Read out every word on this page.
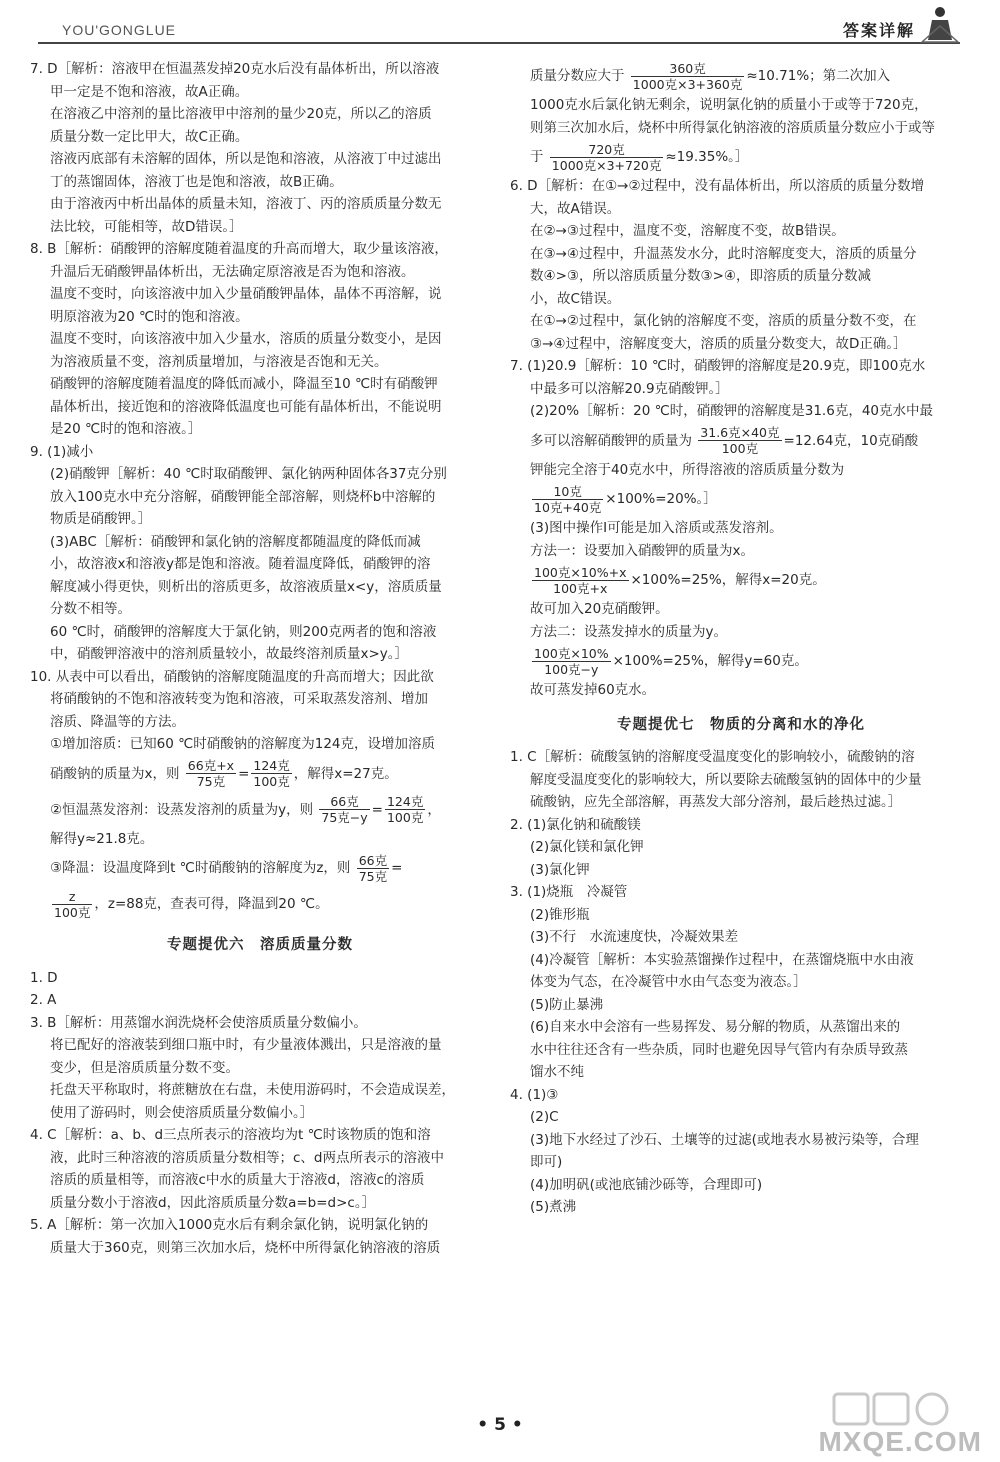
YOU'GONGLUE	答案详解

7. D［解析：溶液甲在恒温蒸发掉20克水后没有晶体析出，所以溶液

甲一定是不饱和溶液，故A正确。

在溶液乙中溶剂的量比溶液甲中溶剂的量少20克，所以乙的溶质

质量分数一定比甲大，故C正确。

溶液丙底部有未溶解的固体，所以是饱和溶液，从溶液丁中过滤出

丁的蒸馏固体，溶液丁也是饱和溶液，故B正确。

由于溶液丙中析出晶体的质量未知，溶液丁、丙的溶质质量分数无

法比较，可能相等，故D错误。］

8. B［解析：硝酸钾的溶解度随着温度的升高而增大，取少量该溶液，

升温后无硝酸钾晶体析出，无法确定原溶液是否为饱和溶液。

温度不变时，向该溶液中加入少量硝酸钾晶体，晶体不再溶解，说

明原溶液为20 ℃时的饱和溶液。

温度不变时，向该溶液中加入少量水，溶质的质量分数变小，是因

为溶液质量不变，溶剂质量增加，与溶液是否饱和无关。

硝酸钾的溶解度随着温度的降低而减小，降温至10 ℃时有硝酸钾

晶体析出，接近饱和的溶液降低温度也可能有晶体析出，不能说明

是20 ℃时的饱和溶液。］

9. (1)减小

(2)硝酸钾［解析：40 ℃时取硝酸钾、氯化钠两种固体各37克分别

放入100克水中充分溶解，硝酸钾能全部溶解，则烧杯b中溶解的

物质是硝酸钾。］

(3)ABC［解析：硝酸钾和氯化钠的溶解度都随温度的降低而减

小，故溶液x和溶液y都是饱和溶液。随着温度降低，硝酸钾的溶

解度减小得更快，则析出的溶质更多，故溶液质量x<y，溶质质量

分数不相等。

60 ℃时，硝酸钾的溶解度大于氯化钠，则200克两者的饱和溶液

中，硝酸钾溶液中的溶剂质量较小，故最终溶剂质量x>y。］

10. 从表中可以看出，硝酸钠的溶解度随温度的升高而增大；因此欲

将硝酸钠的不饱和溶液转变为饱和溶液，可采取蒸发溶剂、增加

溶质、降温等的方法。

①增加溶质：已知60 ℃时硝酸钠的溶解度为124克，设增加溶质

硝酸钠的质量为x，则 $\frac{\text{66克+x}}{\text{75克}} = \frac{\text{124克}}{\text{100克}}$ ，解得x=27克。

②恒温蒸发溶剂：设蒸发溶剂的质量为y，则 $\frac{\text{66克}}{\text{75克−y}} = \frac{\text{124克}}{\text{100克}}$ ，

解得y≈21.8克。

③降温：设温度降到t ℃时硝酸钠的溶解度为z，则 $\frac{\text{66克}}{\text{75克}}$ =

$\frac{z}{\text{100克}}$ ，z=88克，查表可得，降温到20 ℃。

专题提优六　溶质质量分数

1. D

2. A

3. B［解析：用蒸馏水润洗烧杯会使溶质质量分数偏小。

将已配好的溶液装到细口瓶中时，有少量液体溅出，只是溶液的量

变少，但是溶质质量分数不变。

托盘天平称取时，将蔗糖放在右盘，未使用游码时，不会造成误差，

使用了游码时，则会使溶质质量分数偏小。］

4. C［解析：a、b、d三点所表示的溶液均为t ℃时该物质的饱和溶

液，此时三种溶液的溶质质量分数相等；c、d两点所表示的溶液中

溶质的质量相等，而溶液c中水的质量大于溶液d，溶液c的溶质

质量分数小于溶液d，因此溶质质量分数a=b=d>c。］

5. A［解析：第一次加入1000克水后有剩余氯化钠，说明氯化钠的

质量大于360克，则第三次加水后，烧杯中所得氯化钠溶液的溶质

质量分数应大于 $\frac{\text{360克}}{\text{1000克×3+360克}} \approx 10.71\%$；第二次加入

1000克水后氯化钠无剩余，说明氯化钠的质量小于或等于720克，

则第三次加水后，烧杯中所得氯化钠溶液的溶质质量分数应小于或等

于 $\frac{\text{720克}}{\text{1000克×3+720克}} \approx 19.35\%$。］

6. D［解析：在①→②过程中，没有晶体析出，所以溶质的质量分数增

大，故A错误。

在②→③过程中，温度不变，溶解度不变，故B错误。

在③→④过程中，升温蒸发水分，此时溶解度变大，溶质的质量分

数④>③，所以溶质质量分数③>④，即溶质的质量分数减

小，故C错误。

在①→②过程中，氯化钠的溶解度不变，溶质的质量分数不变，在

③→④过程中，溶解度变大，溶质的质量分数变大，故D正确。］

7. (1)20.9［解析：10 ℃时，硝酸钾的溶解度是20.9克，即100克水

中最多可以溶解20.9克硝酸钾。］

(2)20%［解析：20 ℃时，硝酸钾的溶解度是31.6克，40克水中最

多可以溶解硝酸钾的质量为 $\frac{\text{31.6克×40克}}{\text{100克}} =12.64$克，10克硝酸

钾能完全溶于40克水中，所得溶液的溶质质量分数为

$\frac{\text{10克}}{\text{10克+40克}} \times 100\%=20\%$。］

(3)图中操作Ⅰ可能是加入溶质或蒸发溶剂。

方法一：设要加入硝酸钾的质量为x。

$\frac{\text{100克×10\%+x}}{\text{100克+x}} \times 100\%=25\%$，解得x=20克。

故可加入20克硝酸钾。

方法二：设蒸发掉水的质量为y。

$\frac{\text{100克×10\%}}{\text{100克−y}} \times 100\%=25\%$，解得y=60克。

故可蒸发掉60克水。

专题提优七　物质的分离和水的净化

1. C［解析：硫酸氢钠的溶解度受温度变化的影响较小，硫酸钠的溶

解度受温度变化的影响较大，所以要除去硫酸氢钠的固体中的少量

硫酸钠，应先全部溶解，再蒸发大部分溶剂，最后趁热过滤。］

2. (1)氯化钠和硫酸镁

(2)氯化镁和氯化钾

(3)氯化钾

3. (1)烧瓶　冷凝管

(2)锥形瓶

(3)不行　水流速度快，冷凝效果差

(4)冷凝管［解析：本实验蒸馏操作过程中，在蒸馏烧瓶中水由液

体变为气态，在冷凝管中水由气态变为液态。］

(5)防止暴沸

(6)自来水中会溶有一些易挥发、易分解的物质，从蒸馏出来的

水中往往还含有一些杂质，同时也避免因导气管内有杂质导致蒸

馏水不纯

4. (1)③

(2)C

(3)地下水经过了沙石、土壤等的过滤(或地表水易被污染等，合理

即可)

(4)加明矾(或池底铺沙砾等，合理即可)

(5)煮沸

• 5 •
MXQE.COM
